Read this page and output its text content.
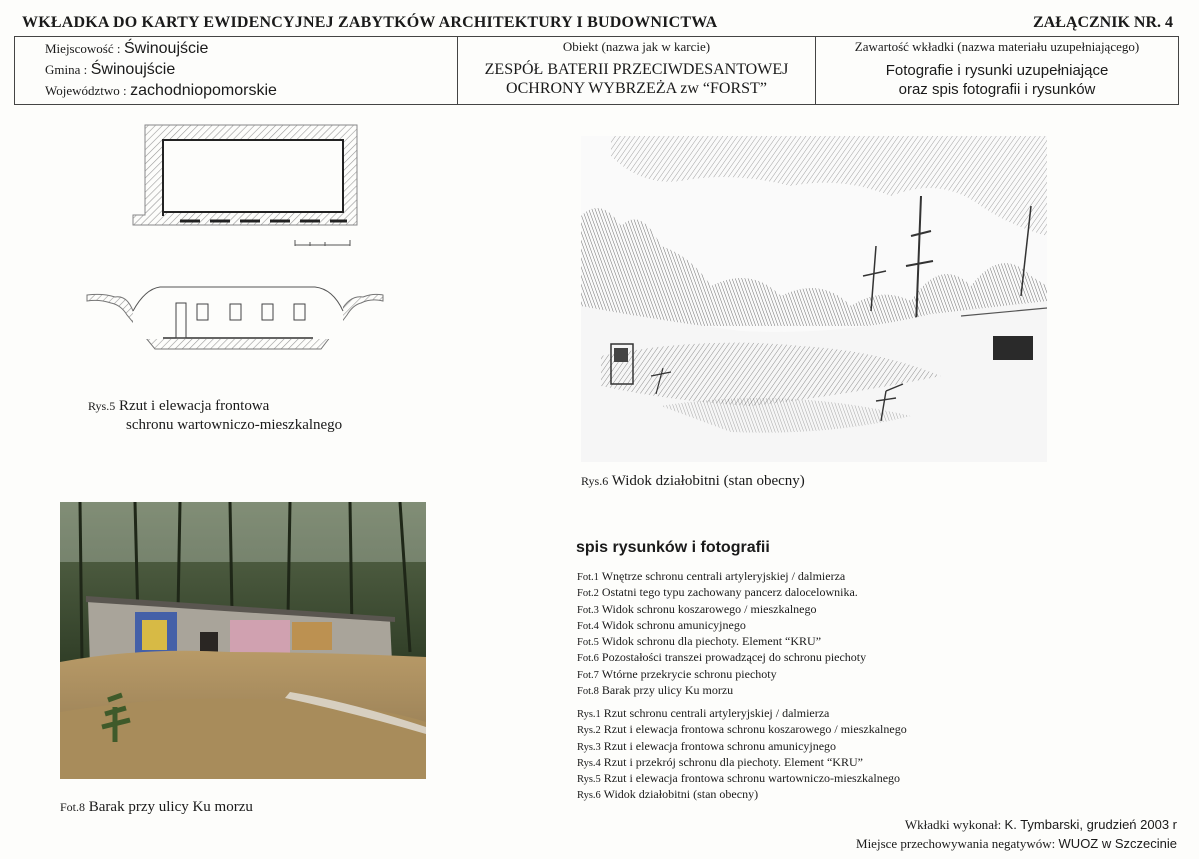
WKŁADKA DO KARTY EWIDENCYJNEJ ZABYTKÓW ARCHITEKTURY I BUDOWNICTWA	ZAŁĄCZNIK NR. 4
Miejscowość : Świnoujście
Gmina : Świnoujście
Województwo : zachodniopomorskie
Obiekt (nazwa jak w karcie)
ZESPÓŁ BATERII PRZECIWDESANTOWEJ
OCHRONY WYBRZEŻA zw “FORST”
Zawartość wkładki (nazwa materiału uzupełniającego)
Fotografie i rysunki uzupełniające
oraz spis fotografii i rysunków
Rys.5 Rzut i elewacja frontowa
schronu wartowniczo-mieszkalnego
Rys.6 Widok działobitni (stan obecny)
Fot.8 Barak przy ulicy Ku morzu
spis rysunków i fotografii
Fot.1 Wnętrze schronu centrali artyleryjskiej / dalmierza
Fot.2 Ostatni tego typu zachowany pancerz dalocelownika.
Fot.3 Widok schronu koszarowego / mieszkalnego
Fot.4 Widok schronu amunicyjnego
Fot.5 Widok schronu dla piechoty. Element “KRU”
Fot.6 Pozostałości transzei prowadzącej do schronu piechoty
Fot.7 Wtórne przekrycie schronu piechoty
Fot.8 Barak przy ulicy Ku morzu
Rys.1 Rzut schronu centrali artyleryjskiej / dalmierza
Rys.2 Rzut i elewacja frontowa schronu koszarowego / mieszkalnego
Rys.3 Rzut i elewacja frontowa schronu amunicyjnego
Rys.4 Rzut i przekrój schronu dla piechoty. Element “KRU”
Rys.5 Rzut i elewacja frontowa schronu wartowniczo-mieszkalnego
Rys.6 Widok działobitni (stan obecny)
Wkładki wykonał: K. Tymbarski, grudzień 2003 r
Miejsce przechowywania negatywów: WUOZ w Szczecinie
